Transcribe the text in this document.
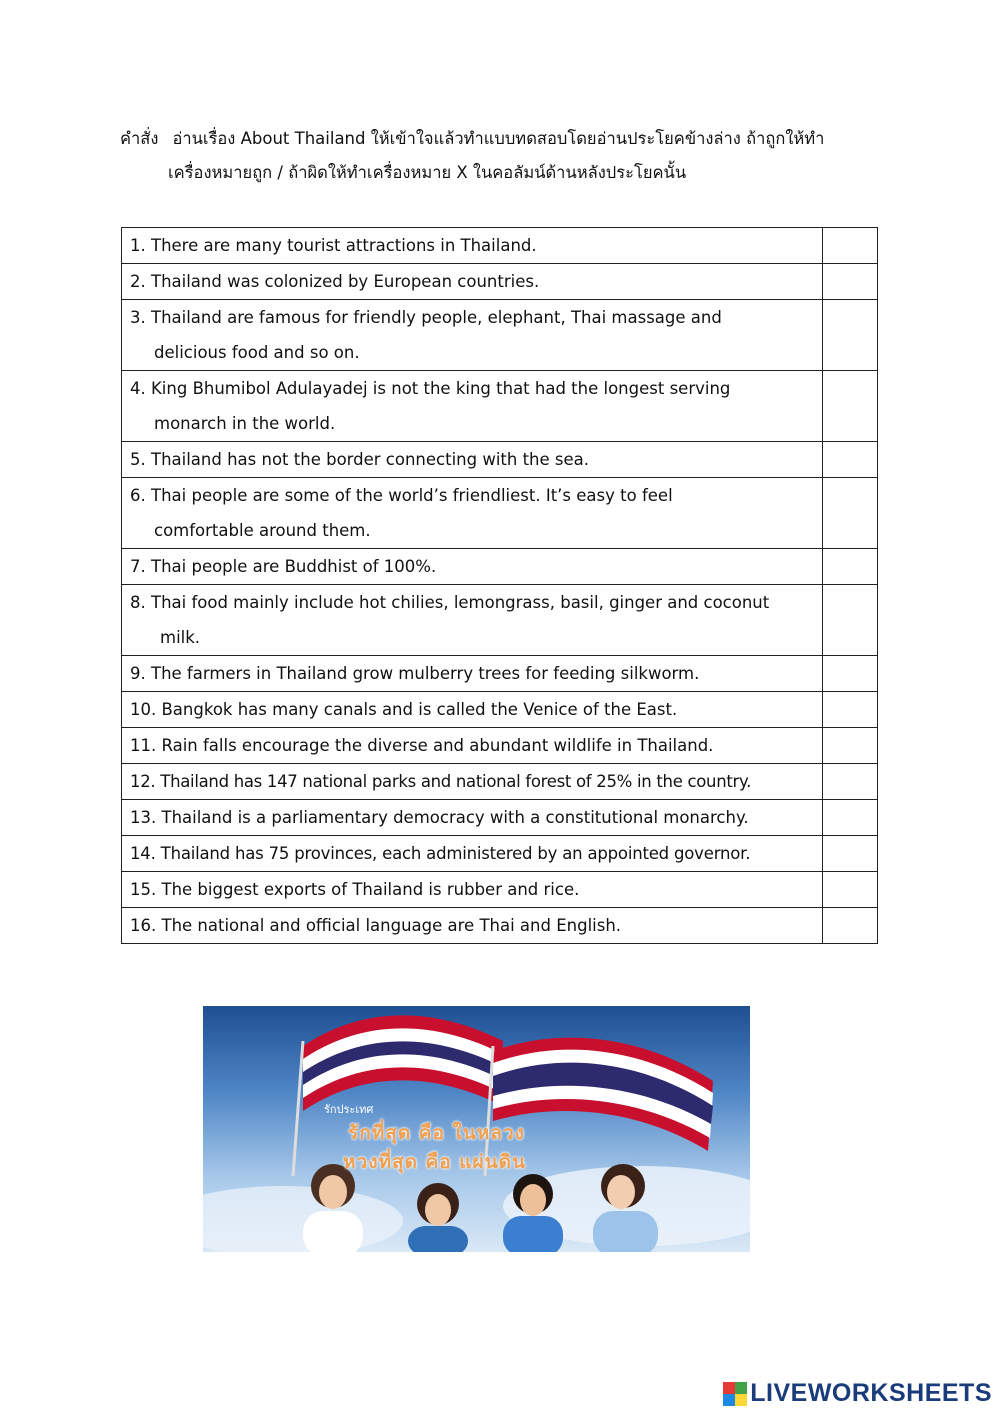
คำสั่ง อ่านเรื่อง About Thailand ให้เข้าใจแล้วทำแบบทดสอบโดยอ่านประโยคข้างล่าง ถ้าถูกให้ทำ
เครื่องหมายถูก / ถ้าผิดให้ทำเครื่องหมาย X ในคอลัมน์ด้านหลังประโยคนั้น
1. There are many tourist attractions in Thailand.	

2. Thailand was colonized by European countries.	

3. Thailand are famous for friendly people, elephant, Thai massage and
delicious food and so on.	

4. King Bhumibol Adulayadej is not the king that had the longest serving
monarch in the world.	

5. Thailand has not the border connecting with the sea.	

6. Thai people are some of the world’s friendliest. It’s easy to feel
comfortable around them.	

7. Thai people are Buddhist of 100%.	

8. Thai food mainly include hot chilies, lemongrass, basil, ginger and coconut
milk.	

9. The farmers in Thailand grow mulberry trees for feeding silkworm.	

10. Bangkok has many canals and is called the Venice of the East.	

11. Rain falls encourage the diverse and abundant wildlife in Thailand.	

12. Thailand has 147 national parks and national forest of 25% in the country.	

13. Thailand is a parliamentary democracy with a constitutional monarchy.	

14. Thailand has 75 provinces, each administered by an appointed governor.	

15. The biggest exports of Thailand is rubber and rice.	

16. The national and official language are Thai and English.	

รักประเทศ
รักที่สุด คือ ในหลวง
หวงที่สุด คือ แผ่นดิน
LIVEWORKSHEETS
